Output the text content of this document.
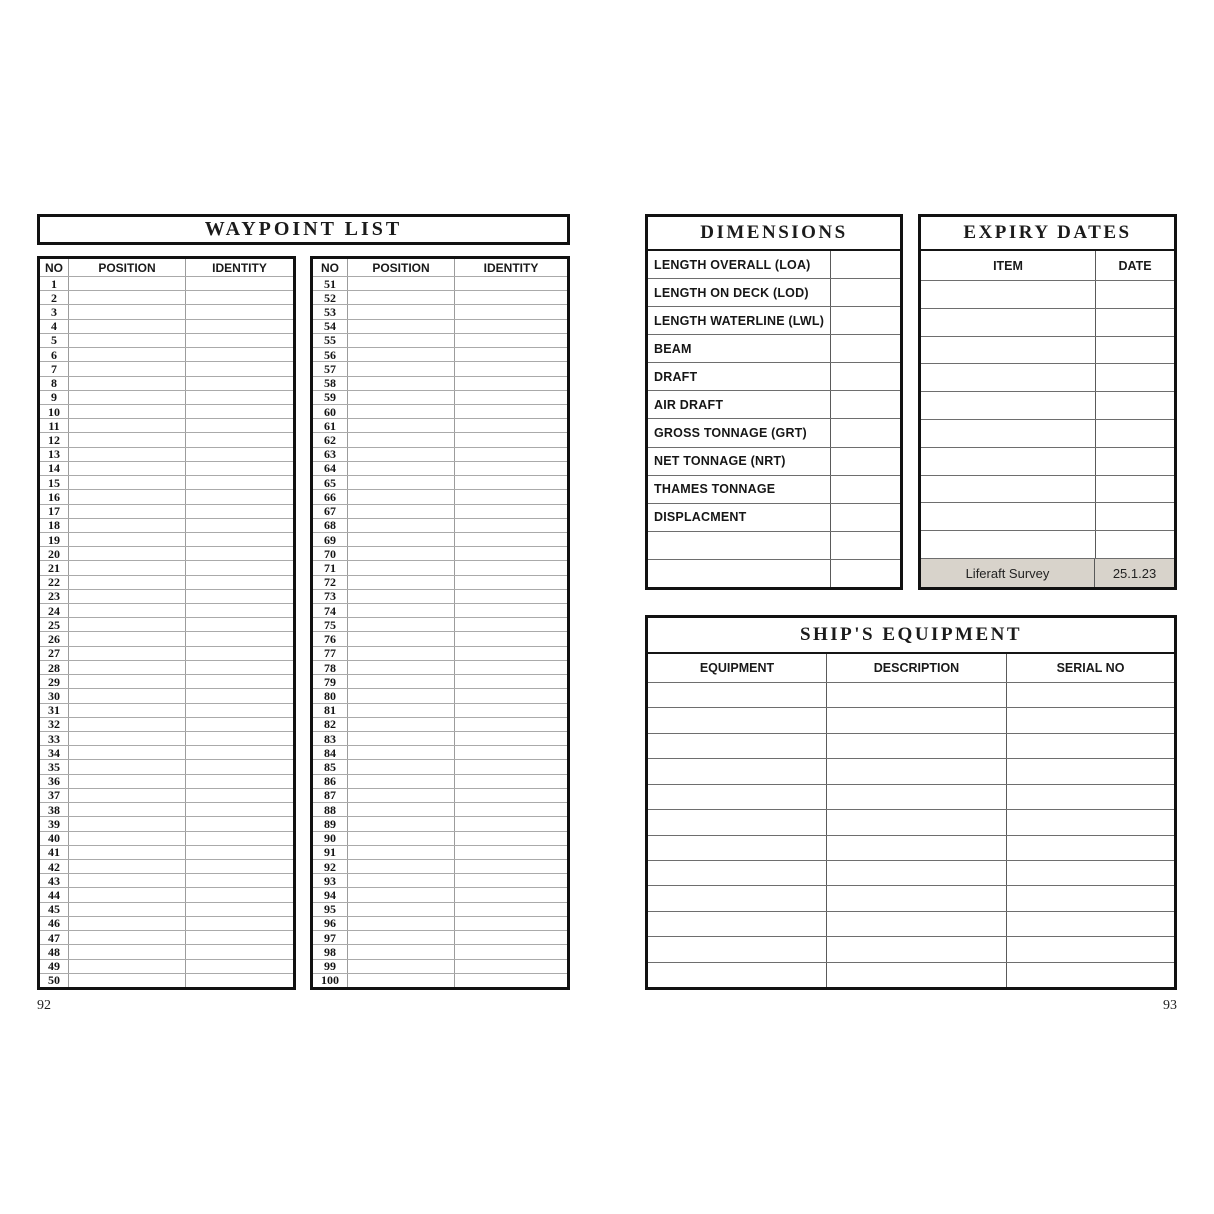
WAYPOINT LIST
NO	POSITION	IDENTITY
1
2
3
4
5
6
7
8
9
10
11
12
13
14
15
16
17
18
19
20
21
22
23
24
25
26
27
28
29
30
31
32
33
34
35
36
37
38
39
40
41
42
43
44
45
46
47
48
49
50
NO	POSITION	IDENTITY
51
52
53
54
55
56
57
58
59
60
61
62
63
64
65
66
67
68
69
70
71
72
73
74
75
76
77
78
79
80
81
82
83
84
85
86
87
88
89
90
91
92
93
94
95
96
97
98
99
100
92
DIMENSIONS
LENGTH OVERALL (LOA)
LENGTH ON DECK (LOD)
LENGTH WATERLINE (LWL)
BEAM
DRAFT
AIR DRAFT
GROSS TONNAGE (GRT)
NET TONNAGE (NRT)
THAMES TONNAGE
DISPLACMENT
EXPIRY DATES
ITEM	DATE
Liferaft Survey	25.1.23
SHIP'S EQUIPMENT
EQUIPMENT	DESCRIPTION	SERIAL NO
93
